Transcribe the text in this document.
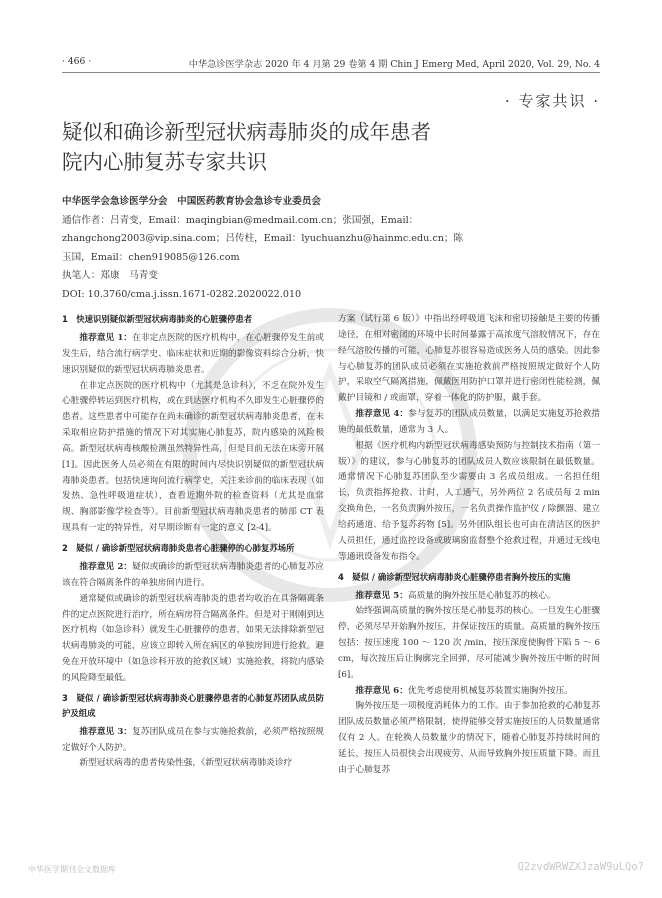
· 466 ·	中华急诊医学杂志 2020 年 4 月第 29 卷第 4 期 Chin J Emerg Med, April 2020, Vol. 29, No. 4
· 专家共识 ·
疑似和确诊新型冠状病毒肺炎的成年患者
院内心肺复苏专家共识
中华医学会急诊医学分会　中国医药教育协会急诊专业委员会
通信作者：吕青变，Email：maqingbian@medmail.com.cn；张国强，Email：
zhangchong2003@vip.sina.com；吕传柱，Email：lyuchuanzhu@hainmc.edu.cn；陈
玉国，Email：chen919085@126.com
执笔人：郑康　马青变
DOI: 10.3760/cma.j.issn.1671-0282.2020022.010
1　快速识别疑似新型冠状病毒肺炎的心脏骤停患者

推荐意见 1：在非定点医院的医疗机构中，在心脏骤停发生前或发生后，结合流行病学史、临床症状和近期的影像资料综合分析，快速识别疑似的新型冠状病毒肺炎患者。

在非定点医院的医疗机构中（尤其是急诊科），不乏在院外发生心脏骤停转运到医疗机构，或在到达医疗机构不久即发生心脏骤停的患者。这些患者中可能存在尚未确诊的新型冠状病毒肺炎患者，在未采取相应防护措施的情况下对其实施心肺复苏，院内感染的风险极高。新型冠状病毒核酸检测虽然特异性高，但是目前无法在床旁开展 [1]。因此医务人员必须在有限的时间内尽快识别疑似的新型冠状病毒肺炎患者。包括快速询问流行病学史，关注来诊前的临床表现（如发热、急性呼吸道症状），查看近期外院的检查资料（尤其是血常规、胸部影像学检查等）。目前新型冠状病毒肺炎患者的肺部 CT 表现具有一定的特异性，对早期诊断有一定的意义 [2-4]。

2　疑似 / 确诊新型冠状病毒肺炎患者心脏骤停的心肺复苏场所

推荐意见 2：疑似或确诊的新型冠状病毒肺炎患者的心肺复苏应该在符合隔离条件的单独房间内进行。

通常疑似或确诊的新型冠状病毒肺炎的患者均收治在具备隔离条件的定点医院进行治疗，所在病房符合隔离条件。但是对于刚刚到达医疗机构（如急诊科）就发生心脏骤停的患者，如果无法排除新型冠状病毒肺炎的可能，应该立即转入所在病区的单独房间进行抢救。避免在开放环境中（如急诊科开放的抢救区域）实施抢救，将院内感染的风险降至最低。

3　疑似 / 确诊新型冠状病毒肺炎心脏骤停患者的心肺复苏团队成员防护及组成

推荐意见 3：复苏团队成员在参与实施抢救前，必须严格按照规定做好个人防护。

新型冠状病毒的患者传染性强，《新型冠状病毒肺炎诊疗

方案（试行第 6 版）》中指出经呼吸道飞沫和密切接触是主要的传播途径，在相对密闭的环境中长时间暴露于高浓度气溶胶情况下，存在经气溶胶传播的可能，心肺复苏很容易造成医务人员的感染。因此参与心肺复苏的团队成员必须在实施抢救前严格按照规定做好个人防护，采取空气隔离措施，佩戴医用防护口罩并进行密闭性能检测，佩戴护目镜和 / 或面罩，穿着一体化的防护服，戴手套。

推荐意见 4：参与复苏的团队成员数量，以满足实施复苏抢救措施的最低数量，通常为 3 人。

根据《医疗机构内新型冠状病毒感染预防与控制技术指南（第一版）》的建议，参与心肺复苏的团队成员人数应该限制在最低数量。通常情况下心肺复苏团队至少需要由 3 名成员组成。一名担任组长，负责指挥抢救、计时，人工通气，另外两位 2 名成员每 2 min 交换角色，一名负责胸外按压，一名负责操作监护仪 / 除颤器、建立给药通道、给予复苏药物 [5]。另外团队组长也可由在清洁区的医护人员担任，通过监控设备或玻璃窗监督整个抢救过程，并通过无线电等通讯设备发布指令。

4　疑似 / 确诊新型冠状病毒肺炎心脏骤停患者胸外按压的实施

推荐意见 5：高质量的胸外按压是心肺复苏的核心。

始终强调高质量的胸外按压是心肺复苏的核心。一旦发生心脏骤停，必须尽早开始胸外按压，并保证按压的质量。高质量的胸外按压包括：按压速度 100 ～ 120 次 /min，按压深度使胸骨下陷 5 ～ 6 cm，每次按压后让胸廓完全回弹，尽可能减少胸外按压中断的时间 [6]。

推荐意见 6：优先考虑使用机械复苏装置实施胸外按压。

胸外按压是一项极度消耗体力的工作。由于参加抢救的心肺复苏团队成员数量必须严格限制，使得能够交替实施按压的人员数量通常仅有 2 人。在轮换人员数量少的情况下，随着心肺复苏持续时间的延长，按压人员很快会出现疲劳、从而导致胸外按压质量下降。而且由于心肺复苏

中华医学期刊全文数据库	Q2zvdWRWZXJzaW9uLQo?
